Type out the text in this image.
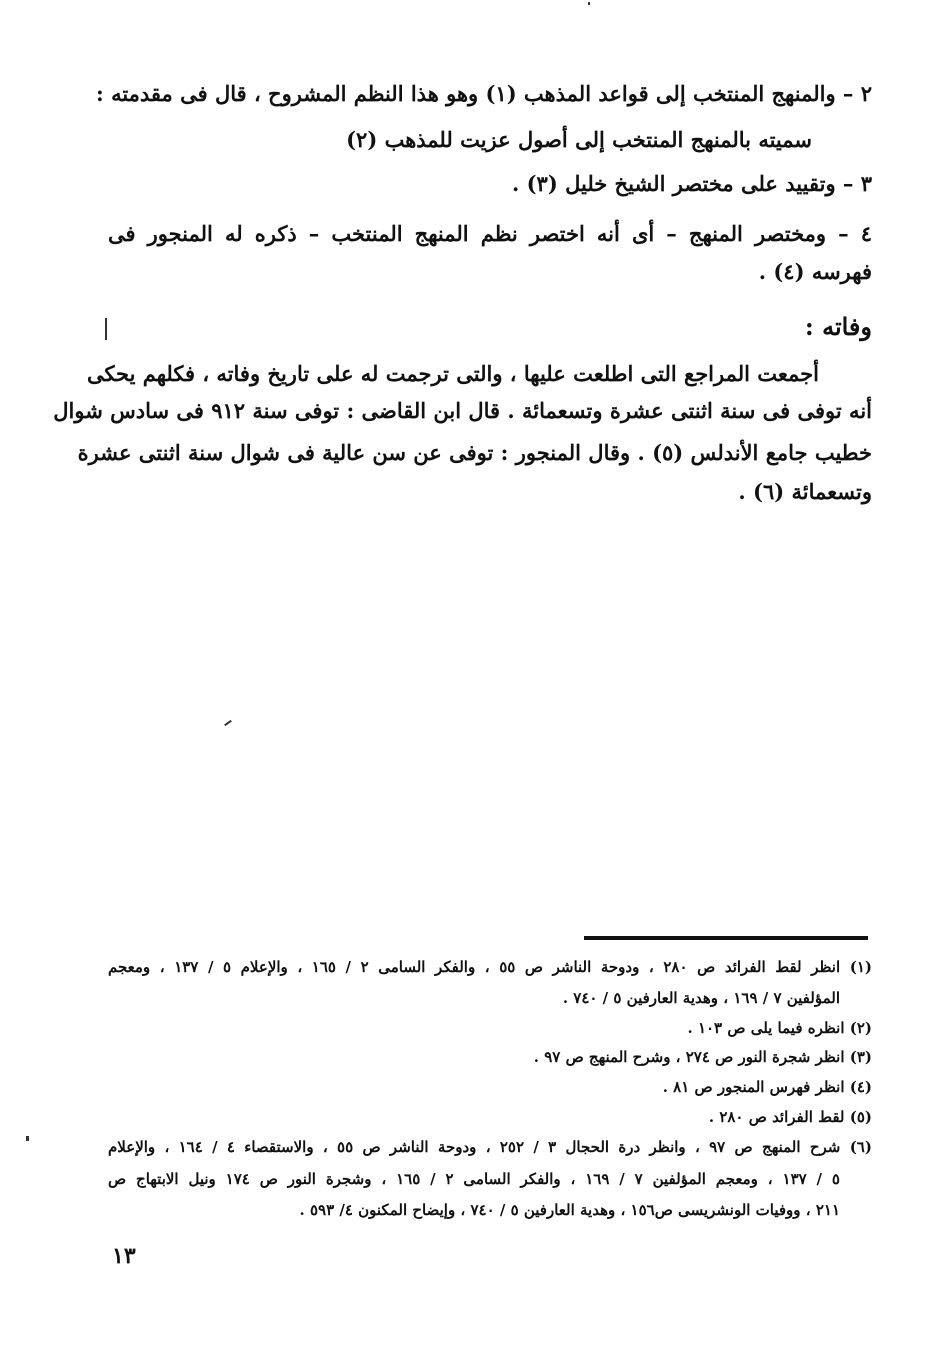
٢ – والمنهج المنتخب إلى قواعد المذهب (١) وهو هذا النظم المشروح ، قال فى مقدمته :
سميته بالمنهج المنتخب إلى أصول عزيت للمذهب (٢)
٣ – وتقييد على مختصر الشيخ خليل (٣) .
٤ – ومختصر المنهج – أى أنه اختصر نظم المنهج المنتخب – ذكره له المنجور فى
فهرسه (٤) .
وفاته :
أجمعت المراجع التى اطلعت عليها ، والتى ترجمت له على تاريخ وفاته ، فكلهم يحكى
أنه توفى فى سنة اثنتى عشرة وتسعمائة . قال ابن القاضى : توفى سنة ٩١٢ فى سادس شوال
خطيب جامع الأندلس (٥) . وقال المنجور : توفى عن سن عالية فى شوال سنة اثنتى عشرة
وتسعمائة (٦) .
(١) انظر لقط الفرائد ص ٢٨٠ ، ودوحة الناشر ص ٥٥ ، والفكر السامى ٢ / ١٦٥ ، والإعلام ٥ / ١٣٧ ، ومعجم
المؤلفين ٧ / ١٦٩ ، وهدية العارفين ٥ / ٧٤٠ .
(٢) انظره فيما يلى ص ١٠٣ .
(٣) انظر شجرة النور ص ٢٧٤ ، وشرح المنهج ص ٩٧ .
(٤) انظر فهرس المنجور ص ٨١ .
(٥) لقط الفرائد ص ٢٨٠ .
(٦) شرح المنهج ص ٩٧ ، وانظر درة الحجال ٣ / ٢٥٢ ، ودوحة الناشر ص ٥٥ ، والاستقصاء ٤ / ١٦٤ ، والإعلام
٥ / ١٣٧ ، ومعجم المؤلفين ٧ / ١٦٩ ، والفكر السامى ٢ / ١٦٥ ، وشجرة النور ص ١٧٤ ونيل الابتهاج ص
٢١١ ، ووفيات الونشريسى ص١٥٦ ، وهدية العارفين ٥ / ٧٤٠ ، وإيضاح المكنون ٤/ ٥٩٣ .
١٣
